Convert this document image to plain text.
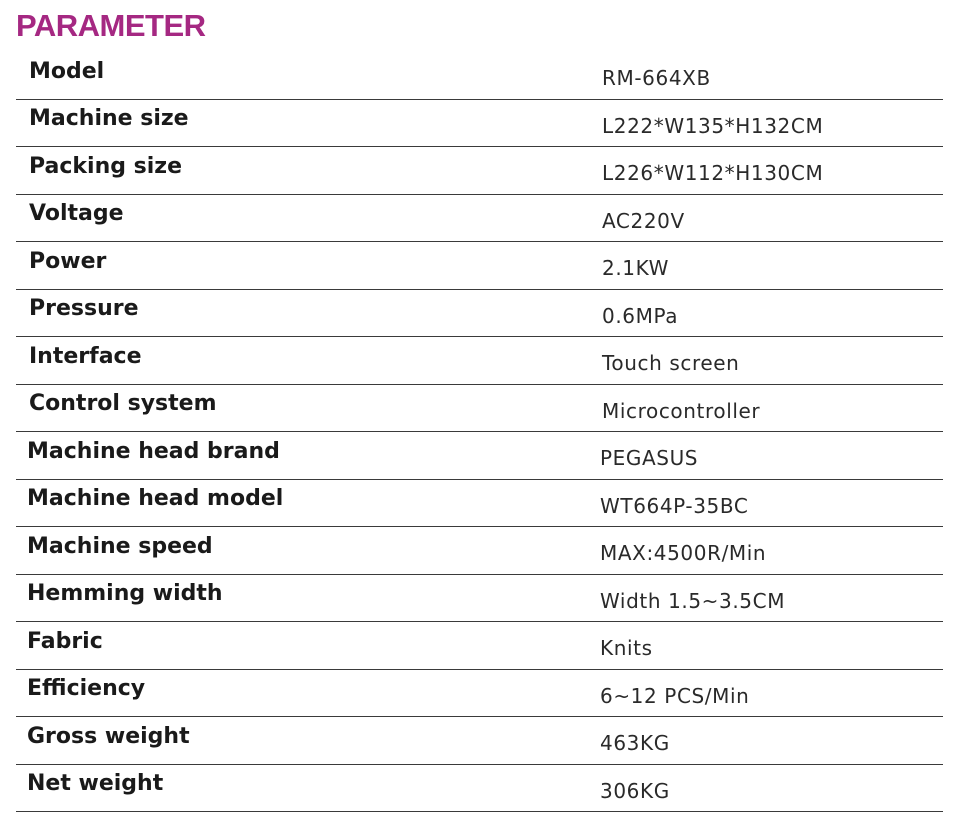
PARAMETER
Model	RM-664XB
Machine size	L222*W135*H132CM
Packing size	L226*W112*H130CM
Voltage	AC220V
Power	2.1KW
Pressure	0.6MPa
Interface	Touch screen
Control system	Microcontroller
Machine head brand	PEGASUS
Machine head model	WT664P-35BC
Machine speed	MAX:4500R/Min
Hemming width	Width 1.5~3.5CM
Fabric	Knits
Efficiency	6~12 PCS/Min
Gross weight	463KG
Net weight	306KG
